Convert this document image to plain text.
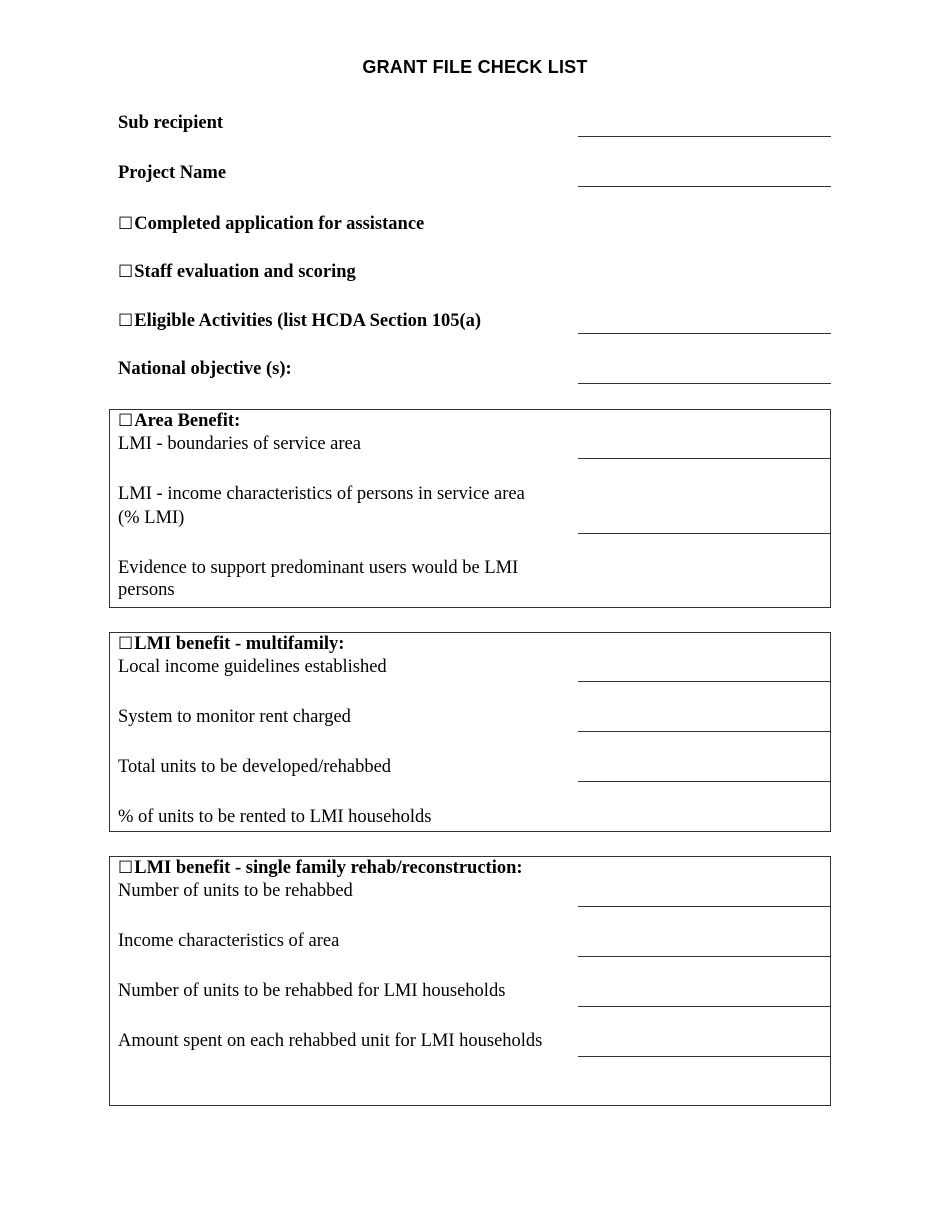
GRANT FILE CHECK LIST
Sub recipient
Project Name
☐Completed application for assistance
☐Staff evaluation and scoring
☐Eligible Activities (list HCDA Section 105(a)
National objective (s):
☐Area Benefit:
LMI - boundaries of service area
LMI - income characteristics of persons in service area
(% LMI)
Evidence to support predominant users would be LMI
persons
☐LMI benefit - multifamily:
Local income guidelines established
System to monitor rent charged
Total units to be developed/rehabbed
% of units to be rented to LMI households
☐LMI benefit - single family rehab/reconstruction:
Number of units to be rehabbed
Income characteristics of area
Number of units to be rehabbed for LMI households
Amount spent on each rehabbed unit for LMI households
